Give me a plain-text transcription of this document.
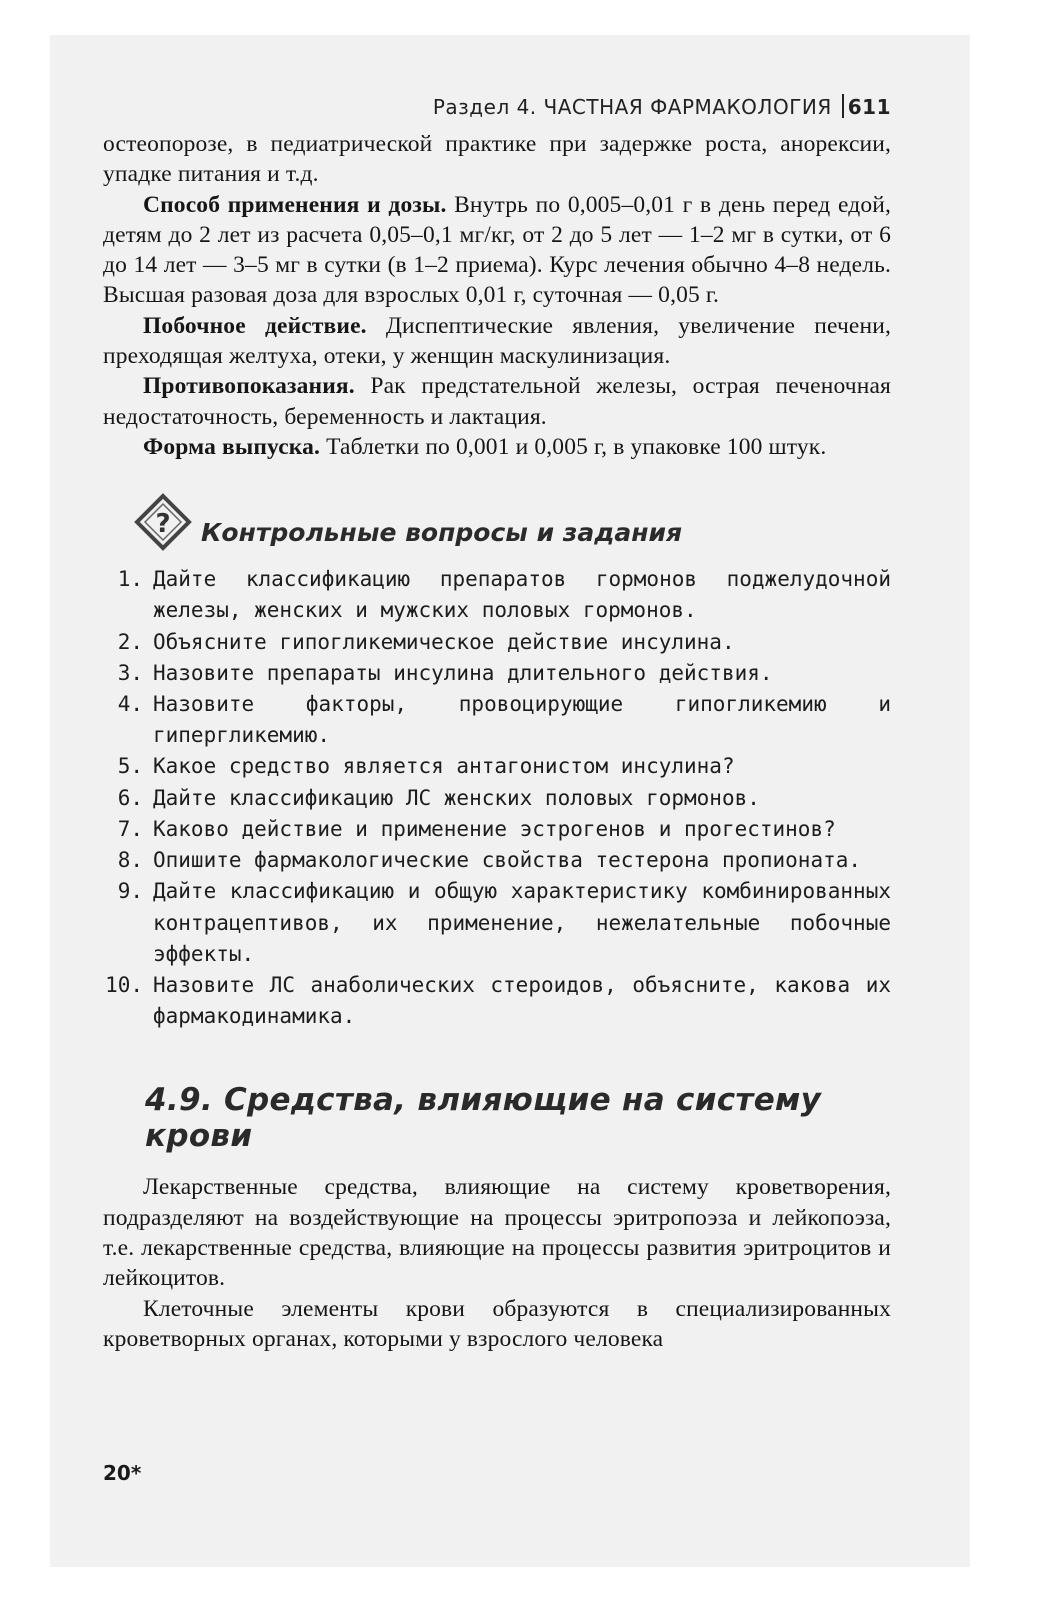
Раздел 4. ЧАСТНАЯ ФАРМАКОЛОГИЯ 611

остеопорозе, в педиатрической практике при задержке роста, анорексии, упадке питания и т.д.

Способ применения и дозы. Внутрь по 0,005–0,01 г в день перед едой, детям до 2 лет из расчета 0,05–0,1 мг/кг, от 2 до 5 лет — 1–2 мг в сутки, от 6 до 14 лет — 3–5 мг в сутки (в 1–2 приема). Курс лечения обычно 4–8 недель. Высшая разовая доза для взрослых 0,01 г, суточная — 0,05 г.

Побочное действие. Диспептические явления, увеличение печени, преходящая желтуха, отеки, у женщин маскулинизация.

Противопоказания. Рак предстательной железы, острая печеночная недостаточность, беременность и лактация.

Форма выпуска. Таблетки по 0,001 и 0,005 г, в упаковке 100 штук.

? Контрольные вопросы и задания
1. Дайте классификацию препаратов гормонов поджелудочной железы, женских и мужских половых гормонов.
2. Объясните гипогликемическое действие инсулина.
3. Назовите препараты инсулина длительного действия.
4. Назовите факторы, провоцирующие гипогликемию и гипергликемию.
5. Какое средство является антагонистом инсулина?
6. Дайте классификацию ЛС женских половых гормонов.
7. Каково действие и применение эстрогенов и прогестинов?
8. Опишите фармакологические свойства тестерона пропионата.
9. Дайте классификацию и общую характеристику комбинированных контрацептивов, их применение, нежелательные побочные эффекты.
10. Назовите ЛС анаболических стероидов, объясните, какова их фармакодинамика.
4.9. Средства, влияющие на систему крови

Лекарственные средства, влияющие на систему кроветворения, подразделяют на воздействующие на процессы эритропоэза и лейкопоэза, т.е. лекарственные средства, влияющие на процессы развития эритроцитов и лейкоцитов.

Клеточные элементы крови образуются в специализированных кроветворных органах, которыми у взрослого человека

20*
